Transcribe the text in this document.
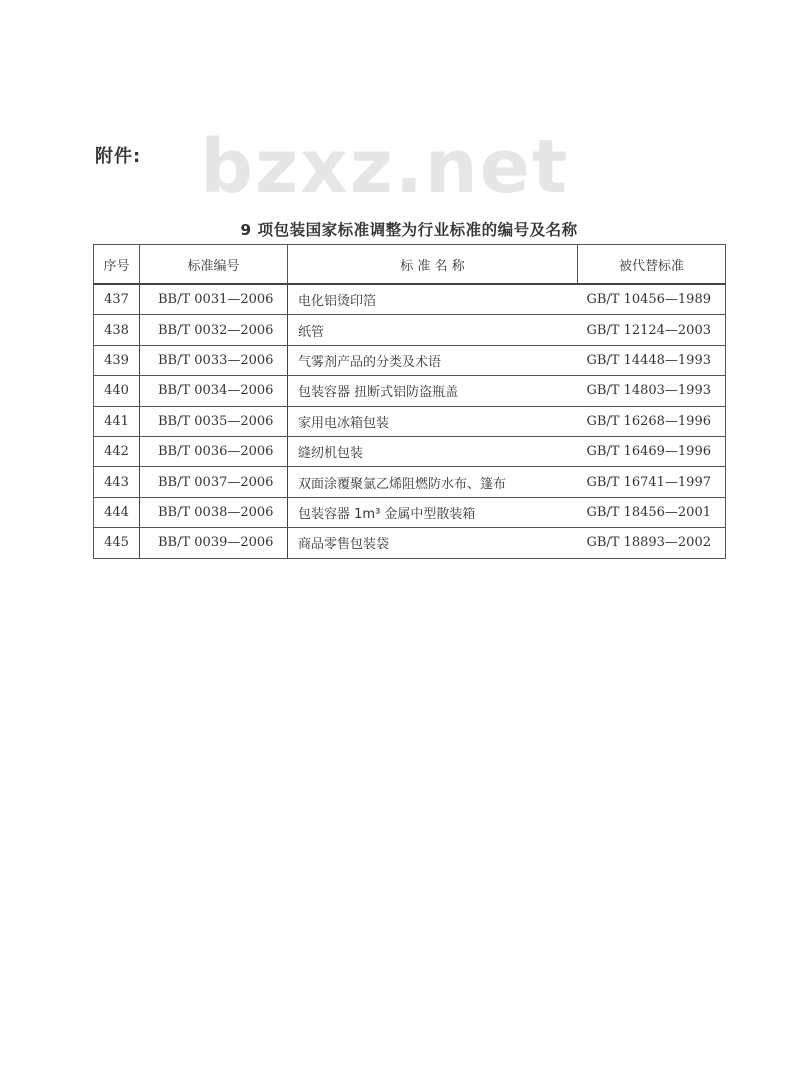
附件: bzxz.net
9 项包装国家标准调整为行业标准的编号及名称
序号	标准编号	标 准 名 称	被代替标准
437	BB/T 0031—2006	电化铝烫印箔	GB/T 10456—1989
438	BB/T 0032—2006	纸管	GB/T 12124—2003
439	BB/T 0033—2006	气雾剂产品的分类及术语	GB/T 14448—1993
440	BB/T 0034—2006	包装容器 扭断式铝防盗瓶盖	GB/T 14803—1993
441	BB/T 0035—2006	家用电冰箱包装	GB/T 16268—1996
442	BB/T 0036—2006	缝纫机包装	GB/T 16469—1996
443	BB/T 0037—2006	双面涂覆聚氯乙烯阻燃防水布、篷布	GB/T 16741—1997
444	BB/T 0038—2006	包装容器 1m³ 金属中型散装箱	GB/T 18456—2001
445	BB/T 0039—2006	商品零售包装袋	GB/T 18893—2002
